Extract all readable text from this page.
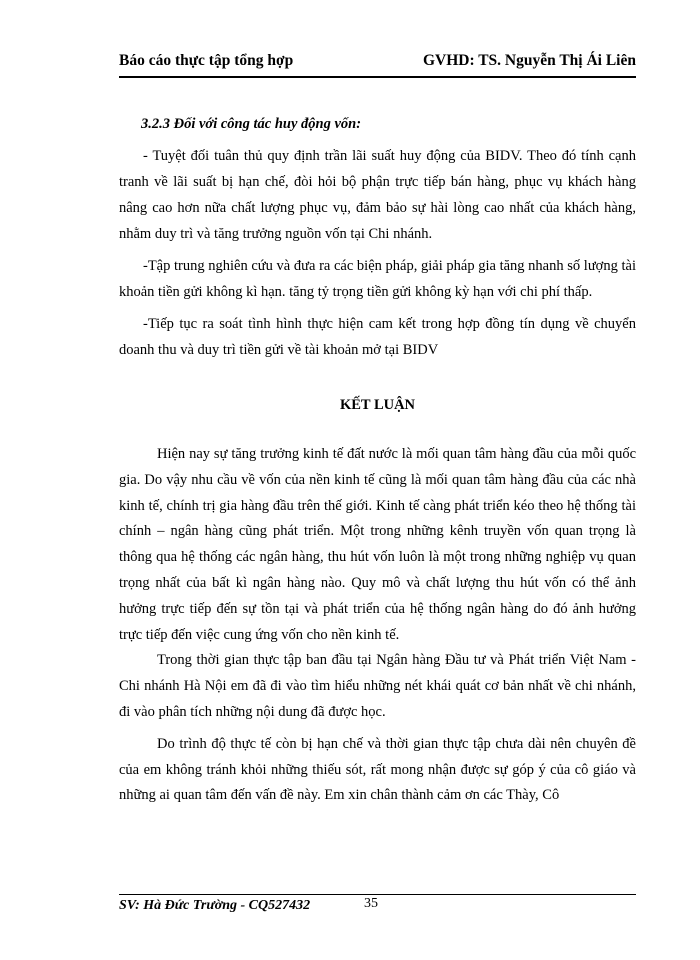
Báo cáo thực tập tổng hợp	GVHD: TS. Nguyễn Thị Ái Liên
3.2.3 Đối với công tác huy động vốn:

- Tuyệt đối tuân thủ quy định trần lãi suất huy động của BIDV. Theo đó tính cạnh tranh về lãi suất bị hạn chế, đòi hỏi bộ phận trực tiếp bán hàng, phục vụ khách hàng nâng cao hơn nữa chất lượng phục vụ, đảm bảo sự hài lòng cao nhất của khách hàng, nhằm duy trì và tăng trưởng nguồn vốn tại Chi nhánh.

-Tập trung nghiên cứu và đưa ra các biện pháp, giải pháp gia tăng nhanh số lượng tài khoản tiền gửi không kì hạn. tăng tỷ trọng tiền gửi không kỳ hạn với chi phí thấp.

-Tiếp tục ra soát tình hình thực hiện cam kết trong hợp đồng tín dụng về chuyển doanh thu và duy trì tiền gửi về tài khoản mở tại BIDV

KẾT LUẬN

Hiện nay sự tăng trưởng kinh tế đất nước là mối quan tâm hàng đầu của mỗi quốc gia. Do vậy nhu cầu về vốn của nền kinh tế cũng là mối quan tâm hàng đầu của các nhà kinh tế, chính trị gia hàng đầu trên thế giới. Kinh tế càng phát triển kéo theo hệ thống tài chính – ngân hàng cũng phát triển. Một trong những kênh truyền vốn quan trọng là thông qua hệ thống các ngân hàng, thu hút vốn luôn là một trong những nghiệp vụ quan trọng nhất của bất kì ngân hàng nào. Quy mô và chất lượng thu hút vốn có thể ảnh hưởng trực tiếp đến sự tồn tại và phát triển của hệ thống ngân hàng do đó ảnh hưởng trực tiếp đến việc cung ứng vốn cho nền kinh tế.

Trong thời gian thực tập ban đầu tại Ngân hàng Đầu tư và Phát triển Việt Nam - Chi nhánh Hà Nội em đã đi vào tìm hiểu những nét khái quát cơ bản nhất về chi nhánh, đi vào phân tích những nội dung đã được học.

Do trình độ thực tế còn bị hạn chế và thời gian thực tập chưa dài nên chuyên đề của em không tránh khỏi những thiếu sót, rất mong nhận được sự góp ý của cô giáo và những ai quan tâm đến vấn đề này. Em xin chân thành cảm ơn các Thày, Cô

SV: Hà Đức Trường - CQ527432	35
